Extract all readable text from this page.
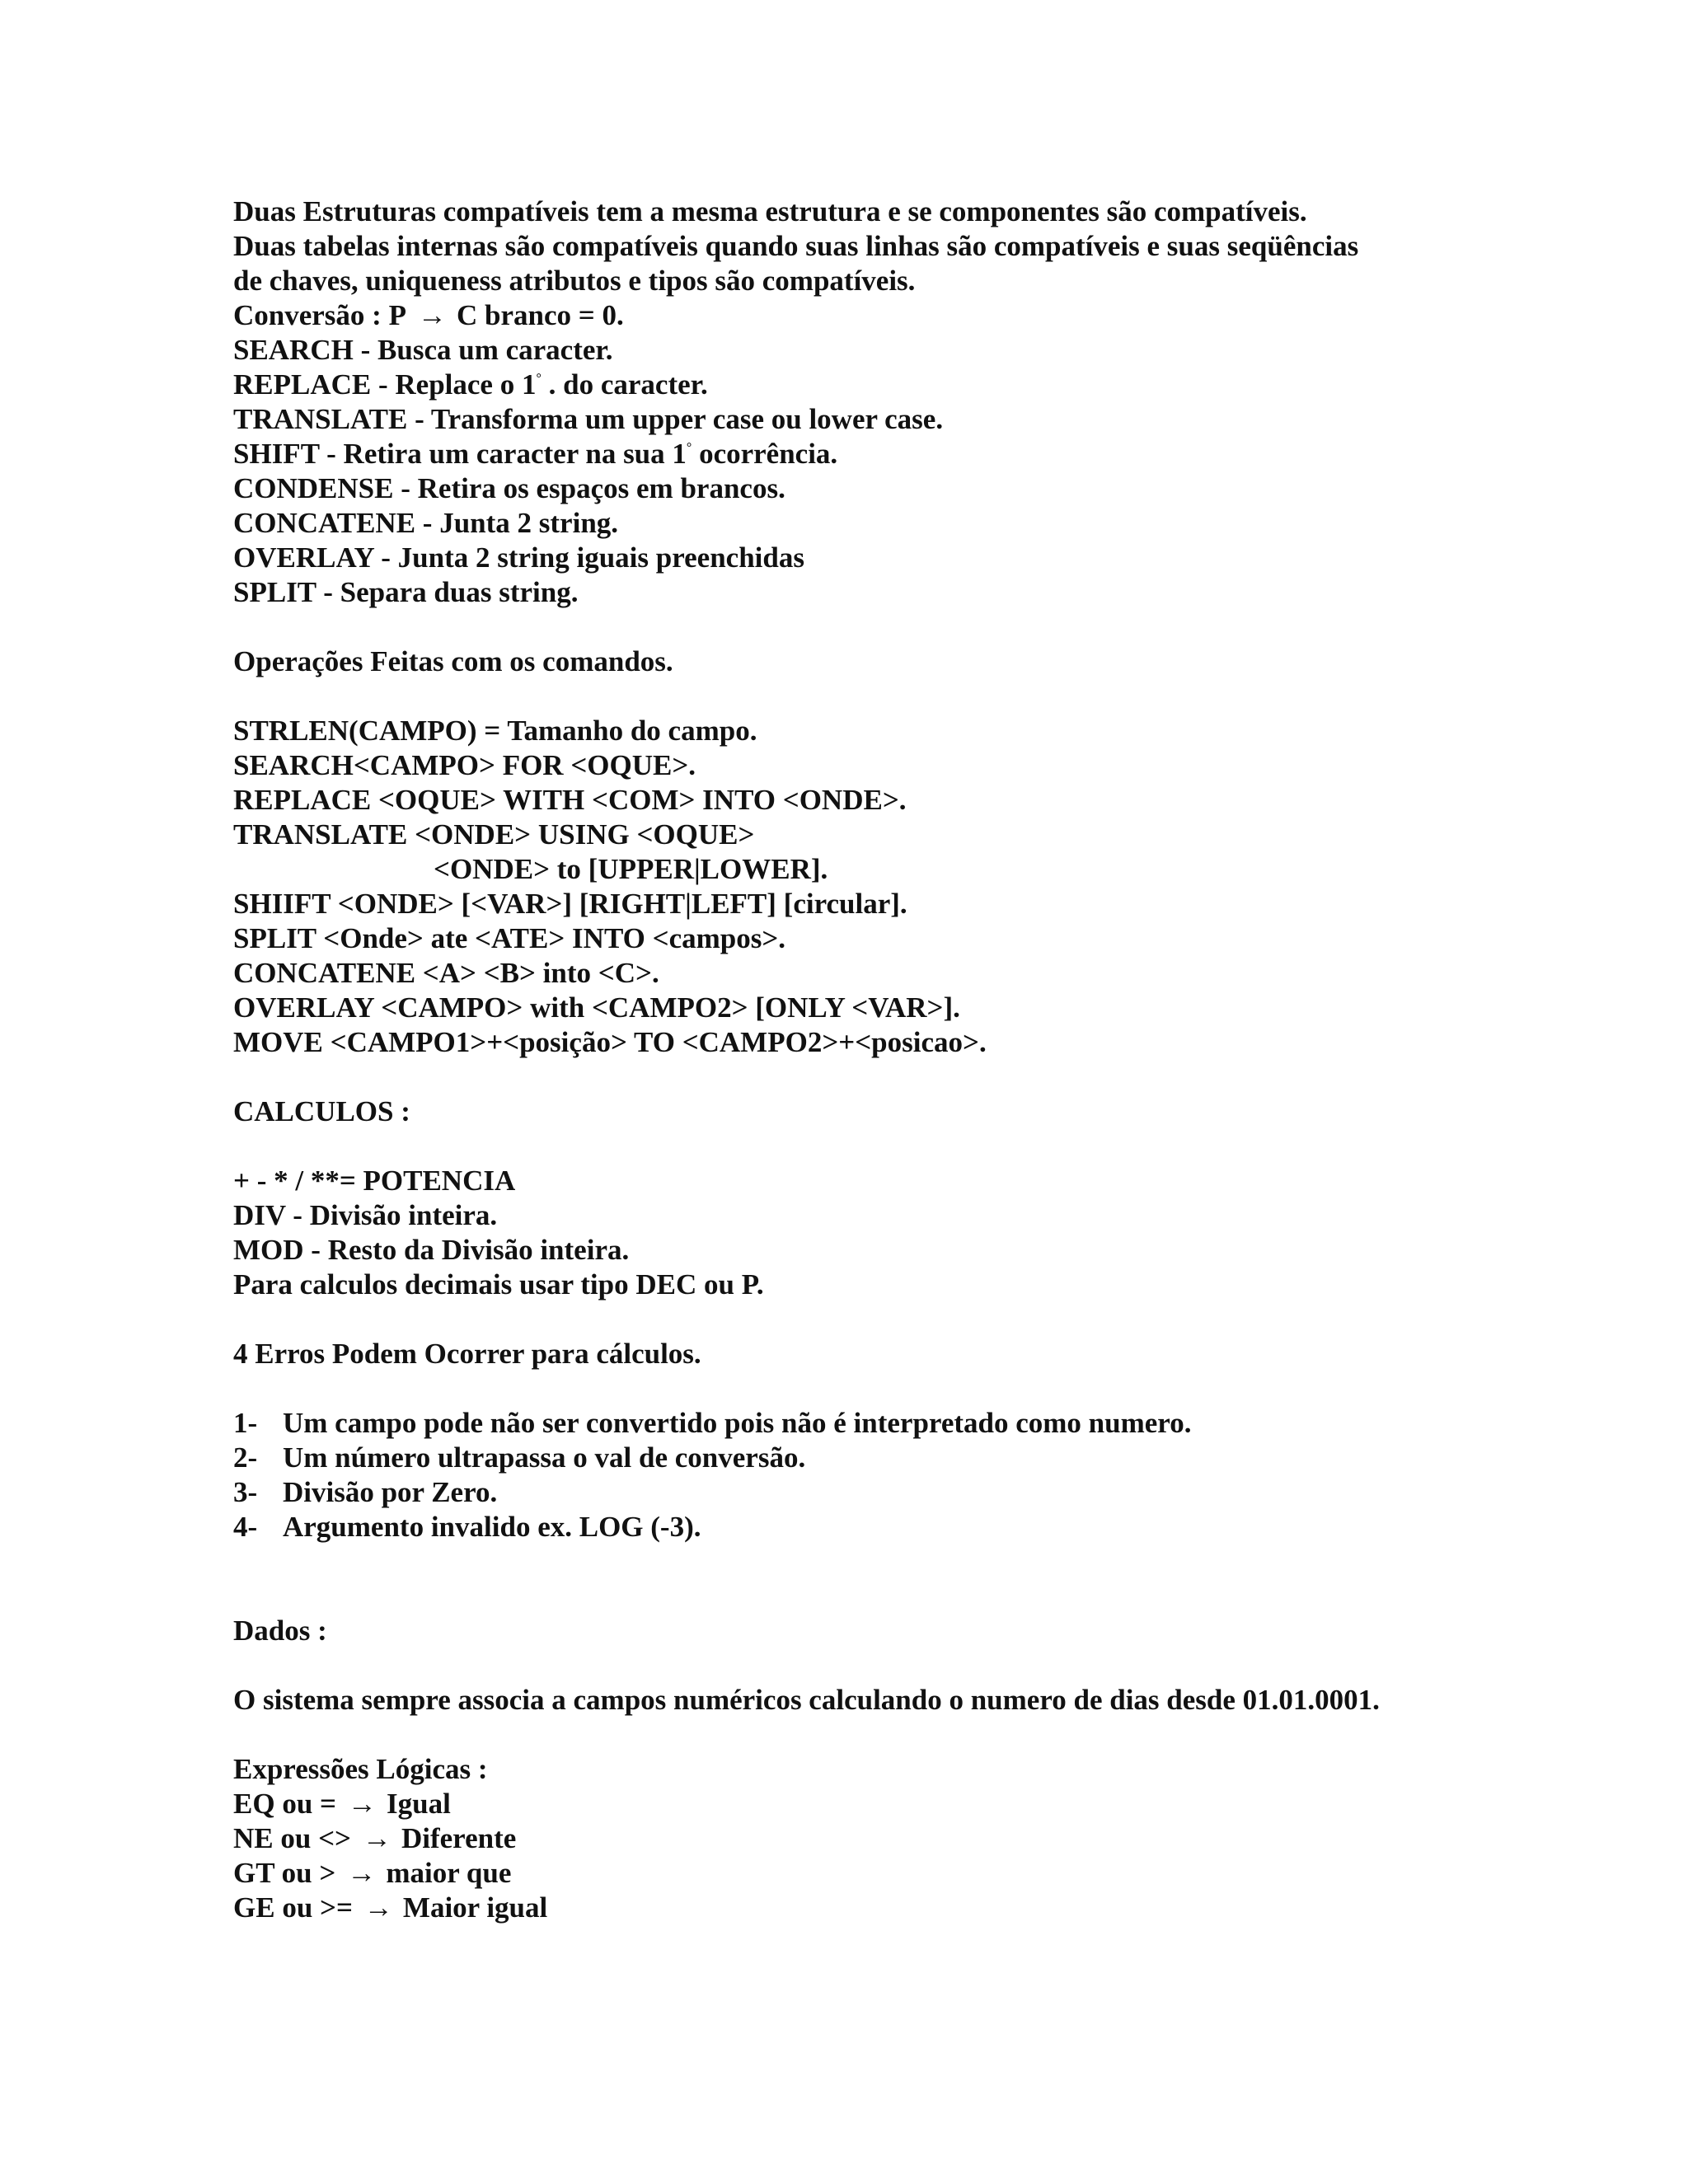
Duas Estruturas compatíveis tem a mesma estrutura e se componentes são compatíveis.
Duas tabelas internas são compatíveis quando suas linhas são compatíveis e suas seqüências
de chaves, uniqueness atributos e tipos são compatíveis.
Conversão : P → C branco = 0.
SEARCH - Busca um caracter.
REPLACE - Replace o 1° . do caracter.
TRANSLATE - Transforma um upper case ou lower case.
SHIFT - Retira um caracter na sua 1° ocorrência.
CONDENSE - Retira os espaços em brancos.
CONCATENE - Junta 2 string.
OVERLAY - Junta 2 string iguais preenchidas
SPLIT - Separa duas string.
Operações Feitas com os comandos.
STRLEN(CAMPO) = Tamanho do campo.
SEARCH<CAMPO> FOR <OQUE>.
REPLACE <OQUE> WITH <COM> INTO <ONDE>.
TRANSLATE <ONDE> USING <OQUE>
<ONDE> to [UPPER|LOWER].
SHIIFT <ONDE> [<VAR>] [RIGHT|LEFT] [circular].
SPLIT <Onde> ate <ATE> INTO <campos>.
CONCATENE <A> <B> into <C>.
OVERLAY <CAMPO> with <CAMPO2> [ONLY <VAR>].
MOVE <CAMPO1>+<posição> TO <CAMPO2>+<posicao>.
CALCULOS :
+ - * / **= POTENCIA
DIV - Divisão inteira.
MOD - Resto da Divisão inteira.
Para calculos decimais usar tipo DEC ou P.
4 Erros Podem Ocorrer para cálculos.
1- Um campo pode não ser convertido pois não é interpretado como numero.
2- Um número ultrapassa o val de conversão.
3- Divisão por Zero.
4- Argumento invalido ex. LOG (-3).
Dados :
O sistema sempre associa a campos numéricos calculando o numero de dias desde 01.01.0001.
Expressões Lógicas :
EQ ou = → Igual
NE ou <> → Diferente
GT ou > → maior que
GE ou >= → Maior igual
